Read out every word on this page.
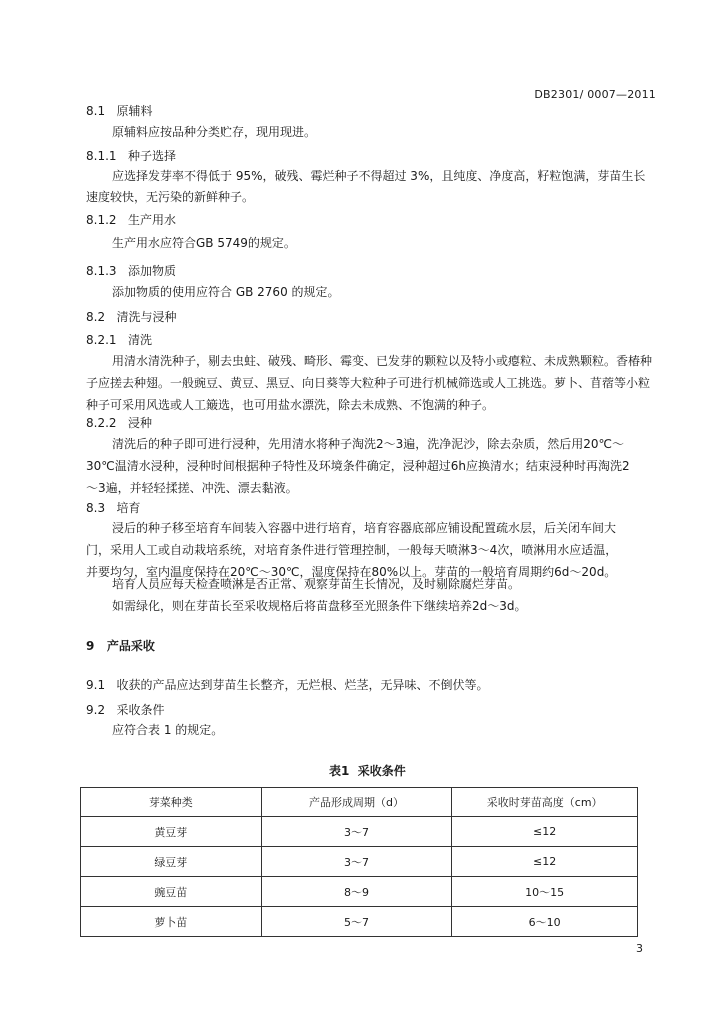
DB2301/ 0007—2011
8.1 原辅料
原辅料应按品种分类贮存，现用现进。
8.1.1 种子选择
应选择发芽率不得低于 95%，破残、霉烂种子不得超过 3%，且纯度、净度高，籽粒饱满，芽苗生长
速度较快，无污染的新鲜种子。
8.1.2 生产用水
生产用水应符合GB 5749的规定。
8.1.3 添加物质
添加物质的使用应符合 GB 2760 的规定。
8.2 清洗与浸种
8.2.1 清洗
用清水清洗种子，剔去虫蛀、破残、畸形、霉变、已发芽的颗粒以及特小或瘪粒、未成熟颗粒。香椿种
子应搓去种翅。一般豌豆、黄豆、黑豆、向日葵等大粒种子可进行机械筛选或人工挑选。萝卜、苜蓿等小粒
种子可采用风选或人工簸选，也可用盐水漂洗，除去未成熟、不饱满的种子。
8.2.2 浸种
清洗后的种子即可进行浸种，先用清水将种子淘洗2～3遍，洗净泥沙，除去杂质，然后用20℃～
30℃温清水浸种，浸种时间根据种子特性及环境条件确定，浸种超过6h应换清水；结束浸种时再淘洗2
～3遍，并轻轻揉搓、冲洗、漂去黏液。
8.3 培育
浸后的种子移至培育车间装入容器中进行培育，培育容器底部应铺设配置疏水层，后关闭车间大
门，采用人工或自动栽培系统，对培育条件进行管理控制，一般每天喷淋3～4次，喷淋用水应适温，
并要均匀，室内温度保持在20℃～30℃，湿度保持在80%以上。芽苗的一般培育周期约6d～20d。
培育人员应每天检查喷淋是否正常、观察芽苗生长情况，及时剔除腐烂芽苗。
如需绿化，则在芽苗长至采收规格后将苗盘移至光照条件下继续培养2d～3d。
9 产品采收
9.1 收获的产品应达到芽苗生长整齐，无烂根、烂茎，无异味、不倒伏等。
9.2 采收条件
应符合表 1 的规定。
表1 采收条件
芽菜种类	产品形成周期（d）	采收时芽苗高度（cm）
黄豆芽	3～7	≤12
绿豆芽	3～7	≤12
豌豆苗	8～9	10～15
萝卜苗	5～7	6～10
3
